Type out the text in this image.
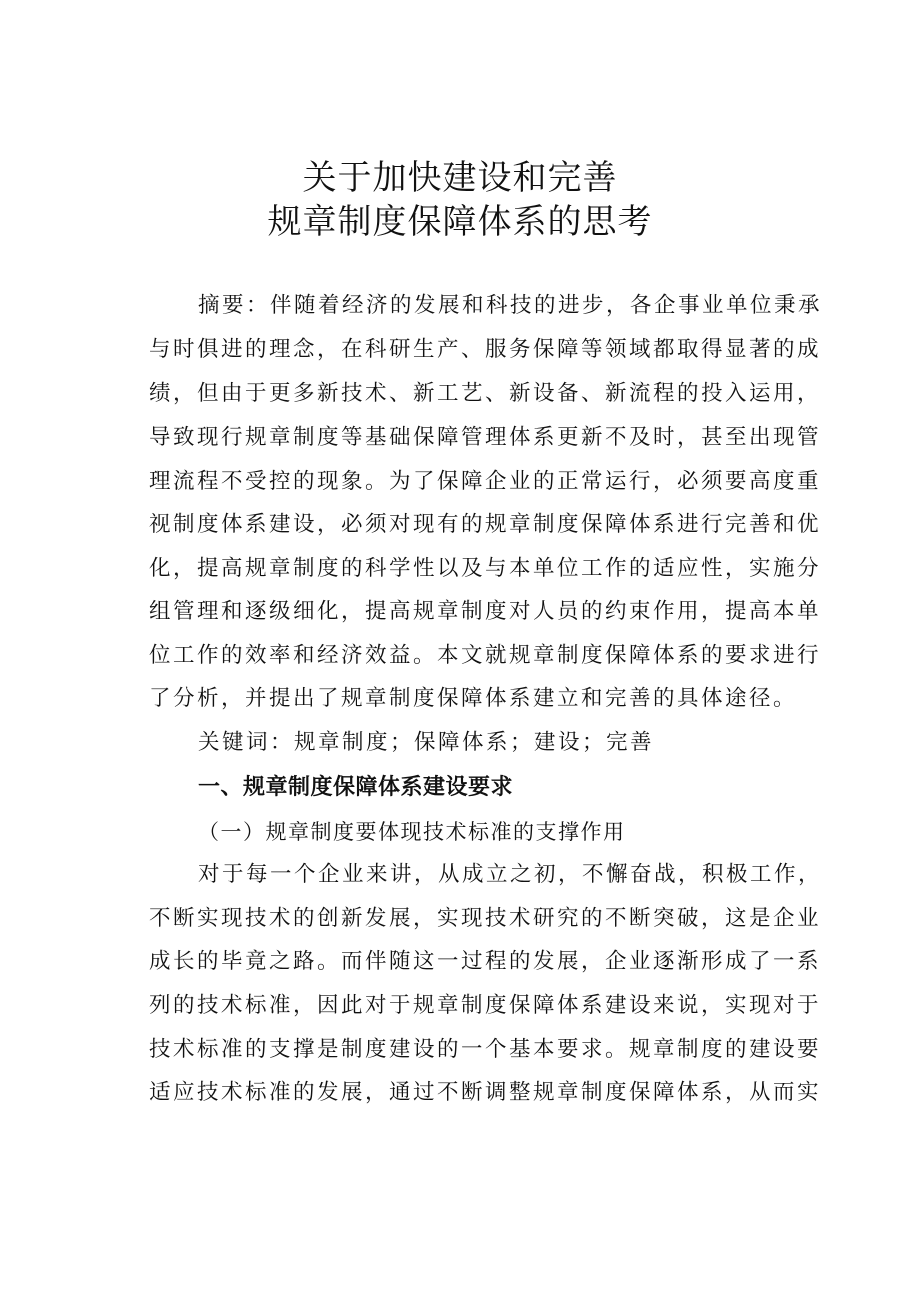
关于加快建设和完善
规章制度保障体系的思考
摘要：伴随着经济的发展和科技的进步，各企事业单位秉承
与时俱进的理念，在科研生产、服务保障等领域都取得显著的成
绩，但由于更多新技术、新工艺、新设备、新流程的投入运用，
导致现行规章制度等基础保障管理体系更新不及时，甚至出现管
理流程不受控的现象。为了保障企业的正常运行，必须要高度重
视制度体系建设，必须对现有的规章制度保障体系进行完善和优
化，提高规章制度的科学性以及与本单位工作的适应性，实施分
组管理和逐级细化，提高规章制度对人员的约束作用，提高本单
位工作的效率和经济效益。本文就规章制度保障体系的要求进行
了分析，并提出了规章制度保障体系建立和完善的具体途径。
关键词：规章制度；保障体系；建设；完善
一、规章制度保障体系建设要求
（一）规章制度要体现技术标准的支撑作用
对于每一个企业来讲，从成立之初，不懈奋战，积极工作，
不断实现技术的创新发展，实现技术研究的不断突破，这是企业
成长的毕竟之路。而伴随这一过程的发展，企业逐渐形成了一系
列的技术标准，因此对于规章制度保障体系建设来说，实现对于
技术标准的支撑是制度建设的一个基本要求。规章制度的建设要
适应技术标准的发展，通过不断调整规章制度保障体系，从而实
